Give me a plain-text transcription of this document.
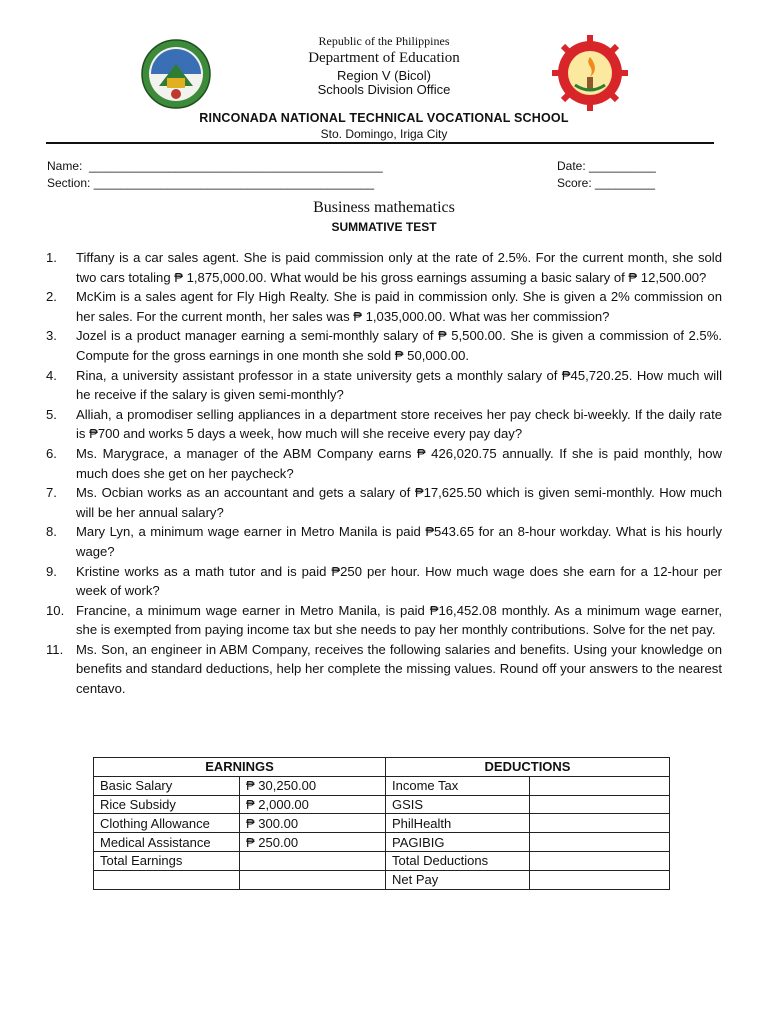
Republic of the Philippines
Department of Education
Region V (Bicol)
Schools Division Office
RINCONADA NATIONAL TECHNICAL VOCATIONAL SCHOOL
Sto. Domingo, Iriga City
Name:  ____________________________________________
Section: __________________________________________
Date: __________
Score: _________
Business mathematics
SUMMATIVE TEST
1.	Tiffany is a car sales agent. She is paid commission only at the rate of 2.5%. For the current month, she sold two cars totaling ₱ 1,875,000.00. What would be his gross earnings assuming a basic salary of ₱ 12,500.00?
2.	McKim is a sales agent for Fly High Realty. She is paid in commission only. She is given a 2% commission on her sales. For the current month, her sales was ₱ 1,035,000.00. What was her commission?
3.	Jozel is a product manager earning a semi-monthly salary of ₱ 5,500.00. She is given a commission of 2.5%. Compute for the gross earnings in one month she sold ₱ 50,000.00.
4.	Rina, a university assistant professor in a state university gets a monthly salary of ₱45,720.25. How much will he receive if the salary is given semi-monthly?
5.	Alliah, a promodiser selling appliances in a department store receives her pay check bi-weekly. If the daily rate is ₱700 and works 5 days a week, how much will she receive every pay day?
6.	Ms. Marygrace, a manager of the ABM Company earns ₱ 426,020.75 annually. If she is paid monthly, how much does she get on her paycheck?
7.	Ms. Ocbian works as an accountant and gets a salary of ₱17,625.50 which is given semi-monthly. How much will be her annual salary?
8.	Mary Lyn, a minimum wage earner in Metro Manila is paid ₱543.65 for an 8-hour workday. What is his hourly wage?
9.	Kristine works as a math tutor and is paid ₱250 per hour. How much wage does she earn for a 12-hour per week of work?
10. Francine, a minimum wage earner in Metro Manila, is paid ₱16,452.08 monthly. As a minimum wage earner, she is exempted from paying income tax but she needs to pay her monthly contributions. Solve for the net pay.
11. Ms. Son, an engineer in ABM Company, receives the following salaries and benefits. Using your knowledge on benefits and standard deductions, help her complete the missing values. Round off your answers to the nearest centavo.
EARNINGS		DEDUCTIONS	
Basic Salary	₱ 30,250.00	Income Tax	
Rice Subsidy	₱ 2,000.00	GSIS	
Clothing Allowance	₱ 300.00	PhilHealth	
Medical Assistance	₱ 250.00	PAGIBIG	
Total Earnings		Total Deductions	
		Net Pay	
